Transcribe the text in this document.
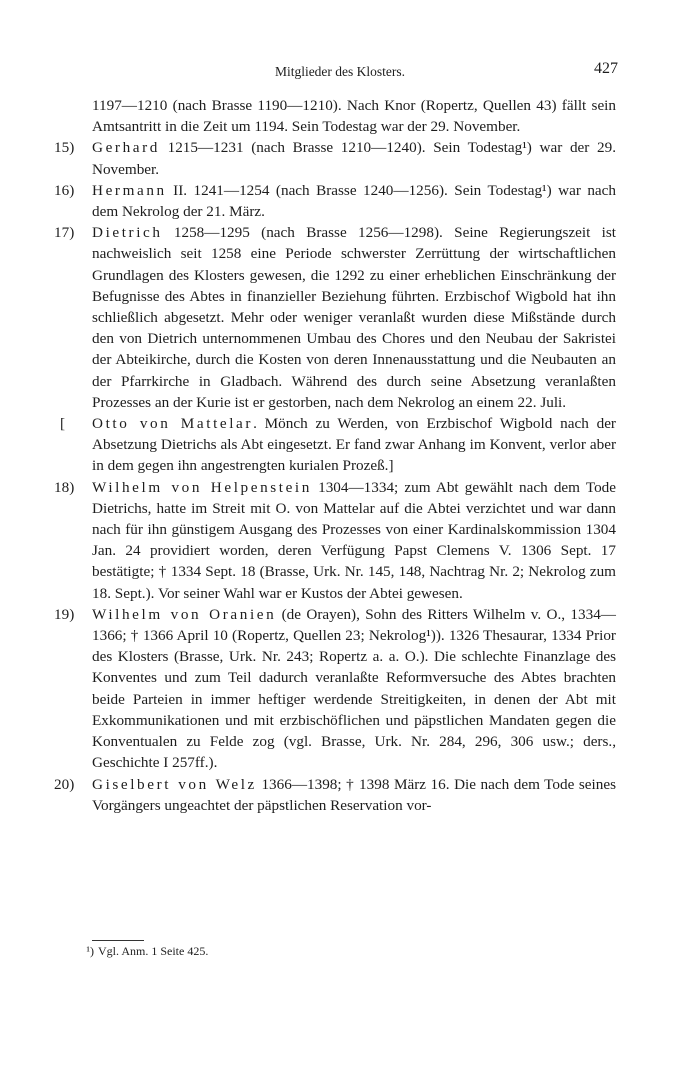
Mitglieder des Klosters.	427

1197—1210 (nach Brasse 1190—1210). Nach Knor (Ropertz, Quellen 43) fällt sein Amtsantritt in die Zeit um 1194. Sein Todestag war der 29. November.

15)	Gerhard 1215—1231 (nach Brasse 1210—1240). Sein Todestag¹) war der 29. November.

16)	Hermann II. 1241—1254 (nach Brasse 1240—1256). Sein Todestag¹) war nach dem Nekrolog der 21. März.

17)	Dietrich 1258—1295 (nach Brasse 1256—1298). Seine Regierungszeit ist nachweislich seit 1258 eine Periode schwerster Zerrüttung der wirtschaftlichen Grundlagen des Klosters gewesen, die 1292 zu einer erheblichen Einschränkung der Befugnisse des Abtes in finanzieller Beziehung führten. Erzbischof Wigbold hat ihn schließlich abgesetzt. Mehr oder weniger veranlaßt wurden diese Mißstände durch den von Dietrich unternommenen Umbau des Chores und den Neubau der Sakristei der Abteikirche, durch die Kosten von deren Innenausstattung und die Neubauten an der Pfarrkirche in Gladbach. Während des durch seine Absetzung veranlaßten Prozesses an der Kurie ist er gestorben, nach dem Nekrolog an einem 22. Juli.

[ Otto von Mattelar. Mönch zu Werden, von Erzbischof Wigbold nach der Absetzung Dietrichs als Abt eingesetzt. Er fand zwar Anhang im Konvent, verlor aber in dem gegen ihn angestrengten kurialen Prozeß.]

18)	Wilhelm von Helpenstein 1304—1334; zum Abt gewählt nach dem Tode Dietrichs, hatte im Streit mit O. von Mattelar auf die Abtei verzichtet und war dann nach für ihn günstigem Ausgang des Prozesses von einer Kardinalskommission 1304 Jan. 24 providiert worden, deren Verfügung Papst Clemens V. 1306 Sept. 17 bestätigte; † 1334 Sept. 18 (Brasse, Urk. Nr. 145, 148, Nachtrag Nr. 2; Nekrolog zum 18. Sept.). Vor seiner Wahl war er Kustos der Abtei gewesen.

19)	Wilhelm von Oranien (de Orayen), Sohn des Ritters Wilhelm v. O., 1334—1366; † 1366 April 10 (Ropertz, Quellen 23; Nekrolog¹)). 1326 Thesaurar, 1334 Prior des Klosters (Brasse, Urk. Nr. 243; Ropertz a. a. O.). Die schlechte Finanzlage des Konventes und zum Teil dadurch veranlaßte Reformversuche des Abtes brachten beide Parteien in immer heftiger werdende Streitigkeiten, in denen der Abt mit Exkommunikationen und mit erzbischöflichen und päpstlichen Mandaten gegen die Konventualen zu Felde zog (vgl. Brasse, Urk. Nr. 284, 296, 306 usw.; ders., Geschichte I 257ff.).

20)	Giselbert von Welz 1366—1398; † 1398 März 16. Die nach dem Tode seines Vorgängers ungeachtet der päpstlichen Reservation vor-

¹) Vgl. Anm. 1 Seite 425.
